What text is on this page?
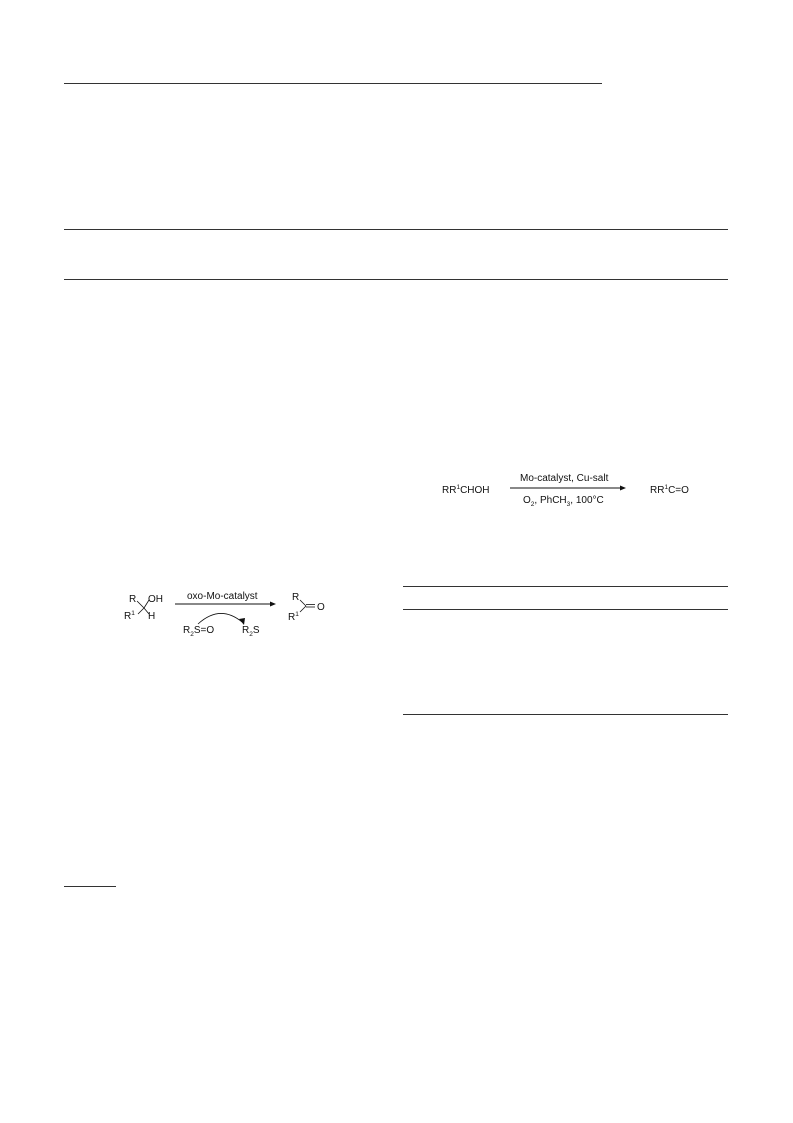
$RR^1CHOH$
Mo-catalyst, Cu-salt
$O_2$, PhCH$_3$, 100°C
$RR^1C=O$
R OH
$R^1$ H
oxo-Mo-catalyst
$R_2S=O$	$R_2S$
R
O
$R^1$
